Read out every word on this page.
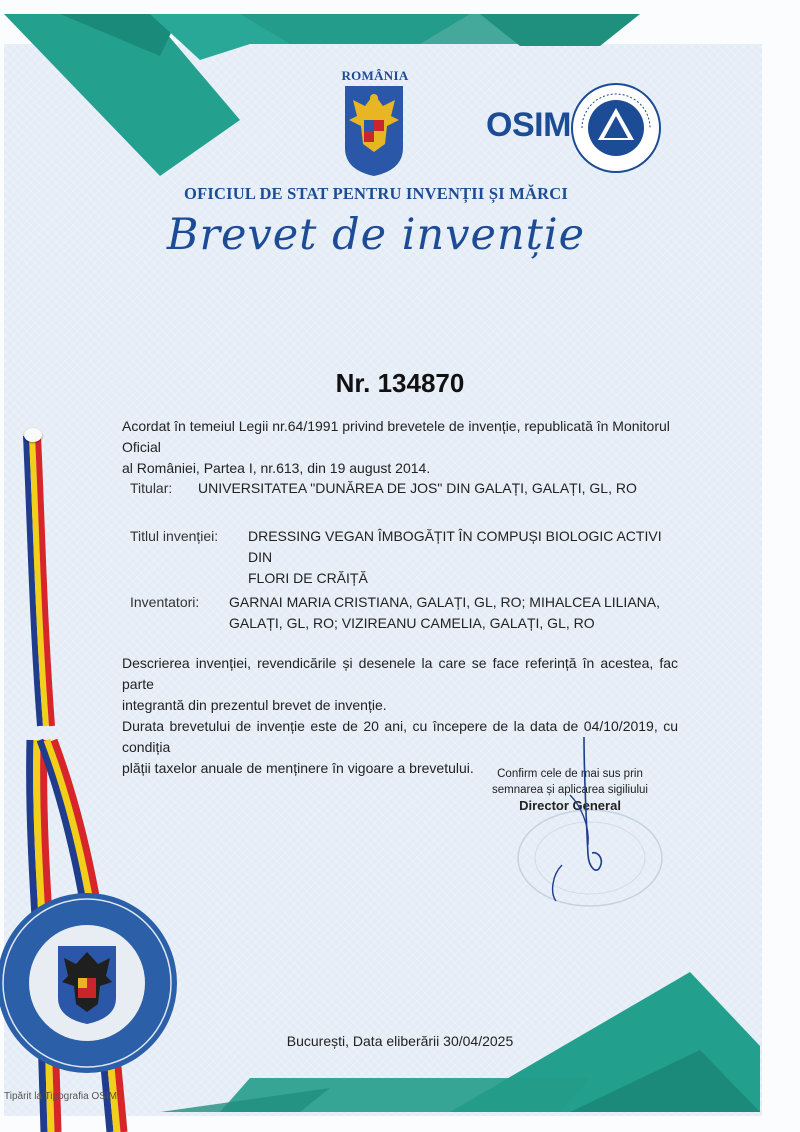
ROMÂNIA
OSIM
OFICIUL DE STAT PENTRU INVENȚII ȘI MĂRCI
Brevet de invenție
Nr. 134870
Acordat în temeiul Legii nr.64/1991 privind brevetele de invenție, republicată în Monitorul Oficial
al României, Partea I, nr.613, din 19 august 2014.
Titular: UNIVERSITATEA "DUNĂREA DE JOS" DIN GALAȚI, GALAȚI, GL, RO
Titlul invenției: DRESSING VEGAN ÎMBOGĂȚIT ÎN COMPUȘI BIOLOGIC ACTIVI DIN
FLORI DE CRĂIȚĂ
Inventatori: GARNAI MARIA CRISTIANA, GALAȚI, GL, RO; MIHALCEA LILIANA,
GALAȚI, GL, RO; VIZIREANU CAMELIA, GALAȚI, GL, RO
Descrierea invenției, revendicările și desenele la care se face referință în acestea, fac parte
integrantă din prezentul brevet de invenție.
Durata brevetului de invenție este de 20 ani, cu începere de la data de 04/10/2019, cu condiția
plății taxelor anuale de menținere în vigoare a brevetului.	Confirm cele de mai sus prin
semnarea și aplicarea sigiliului
Director General
București, Data eliberării 30/04/2025
Tipărit la Tipografia OSIM
